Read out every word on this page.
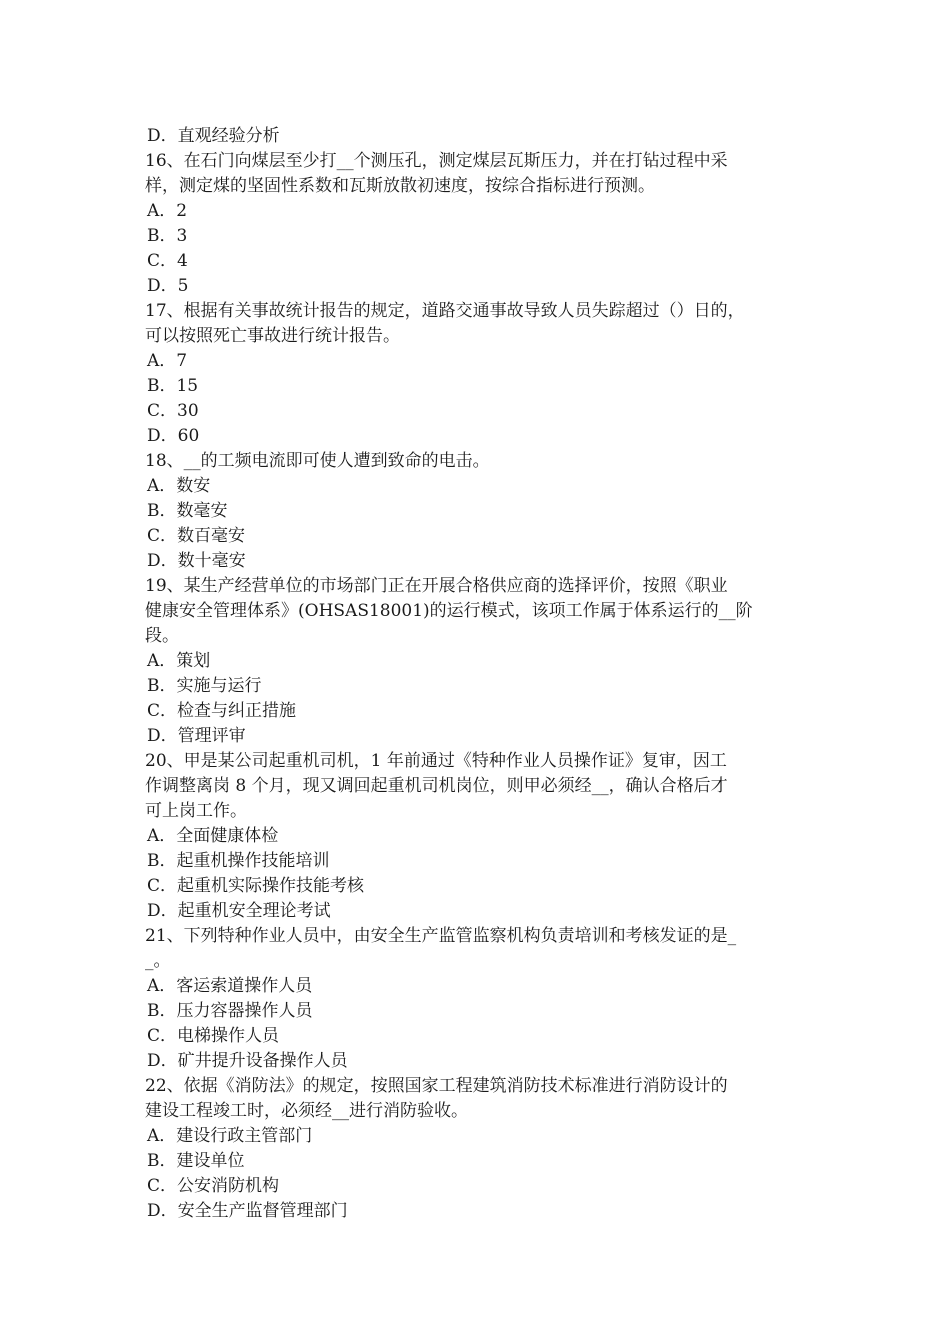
D．直观经验分析
16、在石门向煤层至少打__个测压孔，测定煤层瓦斯压力，并在打钻过程中采
样，测定煤的坚固性系数和瓦斯放散初速度，按综合指标进行预测。
A．2
B．3
C．4
D．5
17、根据有关事故统计报告的规定，道路交通事故导致人员失踪超过（）日的，
可以按照死亡事故进行统计报告。
A．7
B．15
C．30
D．60
18、__的工频电流即可使人遭到致命的电击。
A．数安
B．数毫安
C．数百毫安
D．数十毫安
19、某生产经营单位的市场部门正在开展合格供应商的选择评价，按照《职业
健康安全管理体系》(OHSAS18001)的运行模式，该项工作属于体系运行的__阶
段。
A．策划
B．实施与运行
C．检查与纠正措施
D．管理评审
20、甲是某公司起重机司机，1 年前通过《特种作业人员操作证》复审，因工
作调整离岗 8 个月，现又调回起重机司机岗位，则甲必须经__，确认合格后才
可上岗工作。
A．全面健康体检
B．起重机操作技能培训
C．起重机实际操作技能考核
D．起重机安全理论考试
21、下列特种作业人员中，由安全生产监管监察机构负责培训和考核发证的是_
_。
A．客运索道操作人员
B．压力容器操作人员
C．电梯操作人员
D．矿井提升设备操作人员
22、依据《消防法》的规定，按照国家工程建筑消防技术标准进行消防设计的
建设工程竣工时，必须经__进行消防验收。
A．建设行政主管部门
B．建设单位
C．公安消防机构
D．安全生产监督管理部门
